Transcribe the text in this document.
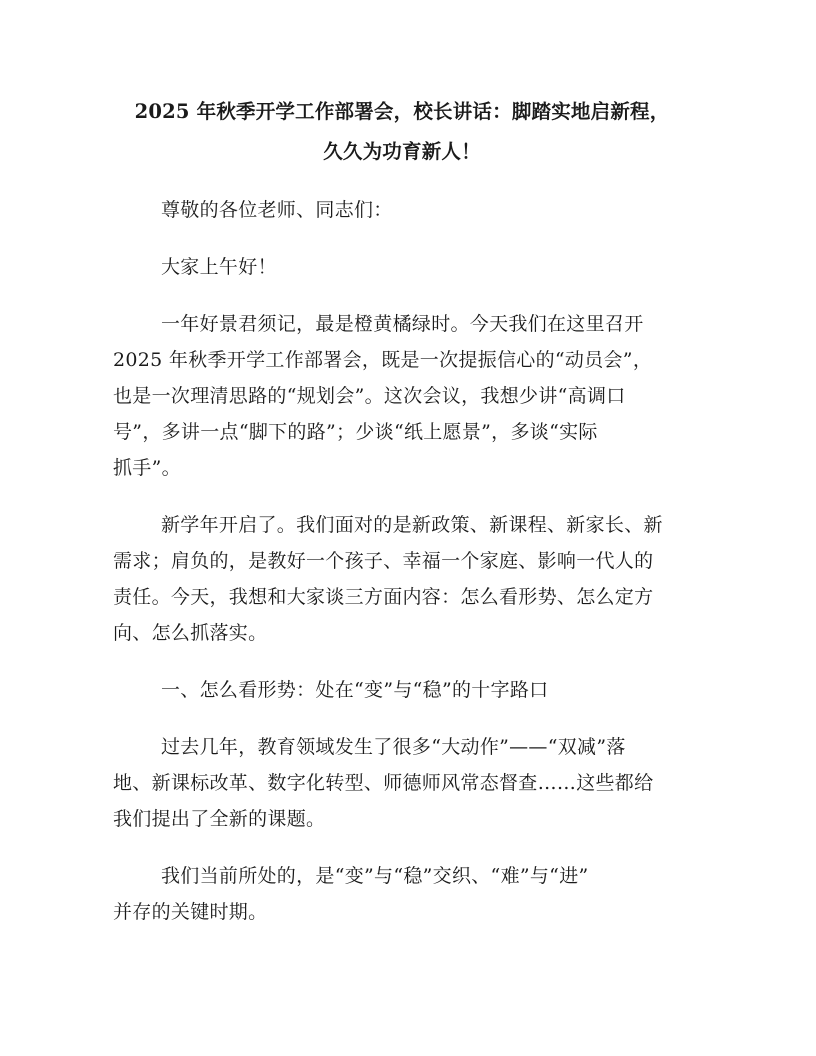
2025 年秋季开学工作部署会，校长讲话：脚踏实地启新程，
久久为功育新人！

尊敬的各位老师、同志们：

大家上午好！

一年好景君须记，最是橙黄橘绿时。今天我们在这里召开
2025 年秋季开学工作部署会，既是一次提振信心的“动员会”，
也是一次理清思路的“规划会”。这次会议，我想少讲“高调口
号”，多讲一点“脚下的路”；少谈“纸上愿景”，多谈“实际
抓手”。

新学年开启了。我们面对的是新政策、新课程、新家长、新
需求；肩负的，是教好一个孩子、幸福一个家庭、影响一代人的
责任。今天，我想和大家谈三方面内容：怎么看形势、怎么定方
向、怎么抓落实。

一、怎么看形势：处在“变”与“稳”的十字路口

过去几年，教育领域发生了很多“大动作”——“双减”落
地、新课标改革、数字化转型、师德师风常态督查……这些都给
我们提出了全新的课题。

我们当前所处的，是“变”与“稳”交织、“难”与“进”
并存的关键时期。
